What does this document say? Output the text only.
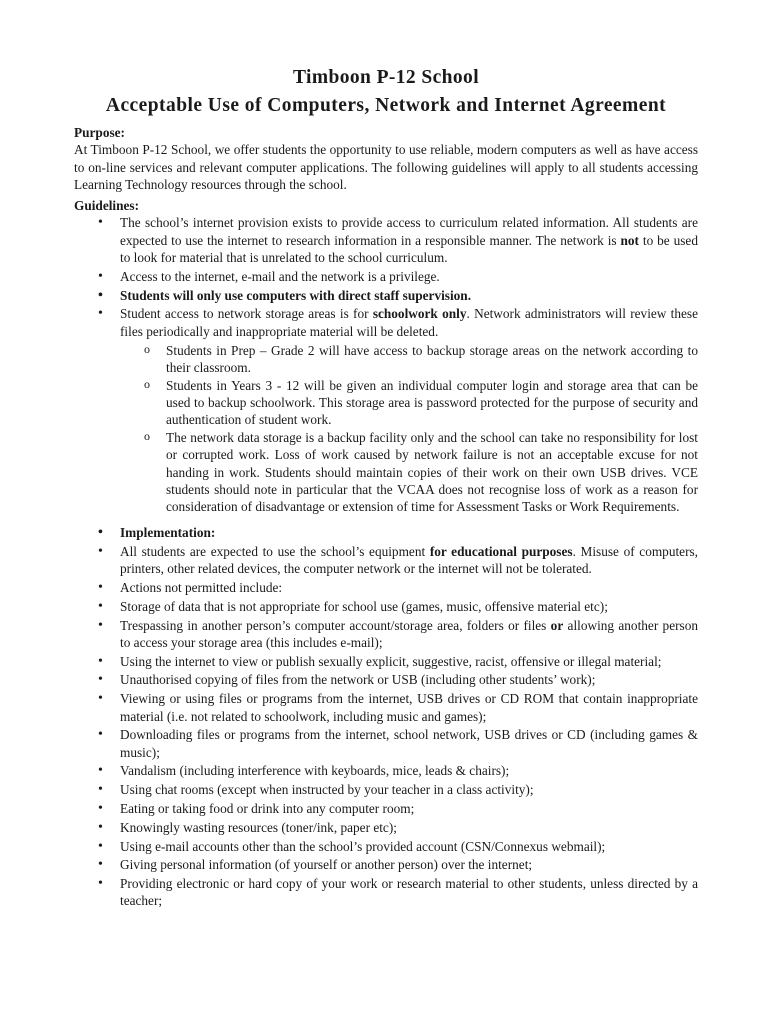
Timboon P-12 School
Acceptable Use of Computers, Network and Internet Agreement

Purpose:

At Timboon P-12 School, we offer students the opportunity to use reliable, modern computers as well as have access to on-line services and relevant computer applications. The following guidelines will apply to all students accessing Learning Technology resources through the school.

Guidelines:

• The school’s internet provision exists to provide access to curriculum related information. All students are expected to use the internet to research information in a responsible manner. The network is not to be used to look for material that is unrelated to the school curriculum.
• Access to the internet, e-mail and the network is a privilege.
• Students will only use computers with direct staff supervision.
• Student access to network storage areas is for schoolwork only. Network administrators will review these files periodically and inappropriate material will be deleted.
o Students in Prep – Grade 2 will have access to backup storage areas on the network according to their classroom.
o Students in Years 3 - 12 will be given an individual computer login and storage area that can be used to backup schoolwork. This storage area is password protected for the purpose of security and authentication of student work.
o The network data storage is a backup facility only and the school can take no responsibility for lost or corrupted work. Loss of work caused by network failure is not an acceptable excuse for not handing in work. Students should maintain copies of their work on their own USB drives. VCE students should note in particular that the VCAA does not recognise loss of work as a reason for consideration of disadvantage or extension of time for Assessment Tasks or Work Requirements.
• Implementation:
• All students are expected to use the school’s equipment for educational purposes. Misuse of computers, printers, other related devices, the computer network or the internet will not be tolerated.
• Actions not permitted include:
• Storage of data that is not appropriate for school use (games, music, offensive material etc);
• Trespassing in another person’s computer account/storage area, folders or files or allowing another person to access your storage area (this includes e-mail);
• Using the internet to view or publish sexually explicit, suggestive, racist, offensive or illegal material;
• Unauthorised copying of files from the network or USB (including other students’ work);
• Viewing or using files or programs from the internet, USB drives or CD ROM that contain inappropriate material (i.e. not related to schoolwork, including music and games);
• Downloading files or programs from the internet, school network, USB drives or CD (including games & music);
• Vandalism (including interference with keyboards, mice, leads & chairs);
• Using chat rooms (except when instructed by your teacher in a class activity);
• Eating or taking food or drink into any computer room;
• Knowingly wasting resources (toner/ink, paper etc);
• Using e-mail accounts other than the school’s provided account (CSN/Connexus webmail);
• Giving personal information (of yourself or another person) over the internet;
• Providing electronic or hard copy of your work or research material to other students, unless directed by a teacher;
